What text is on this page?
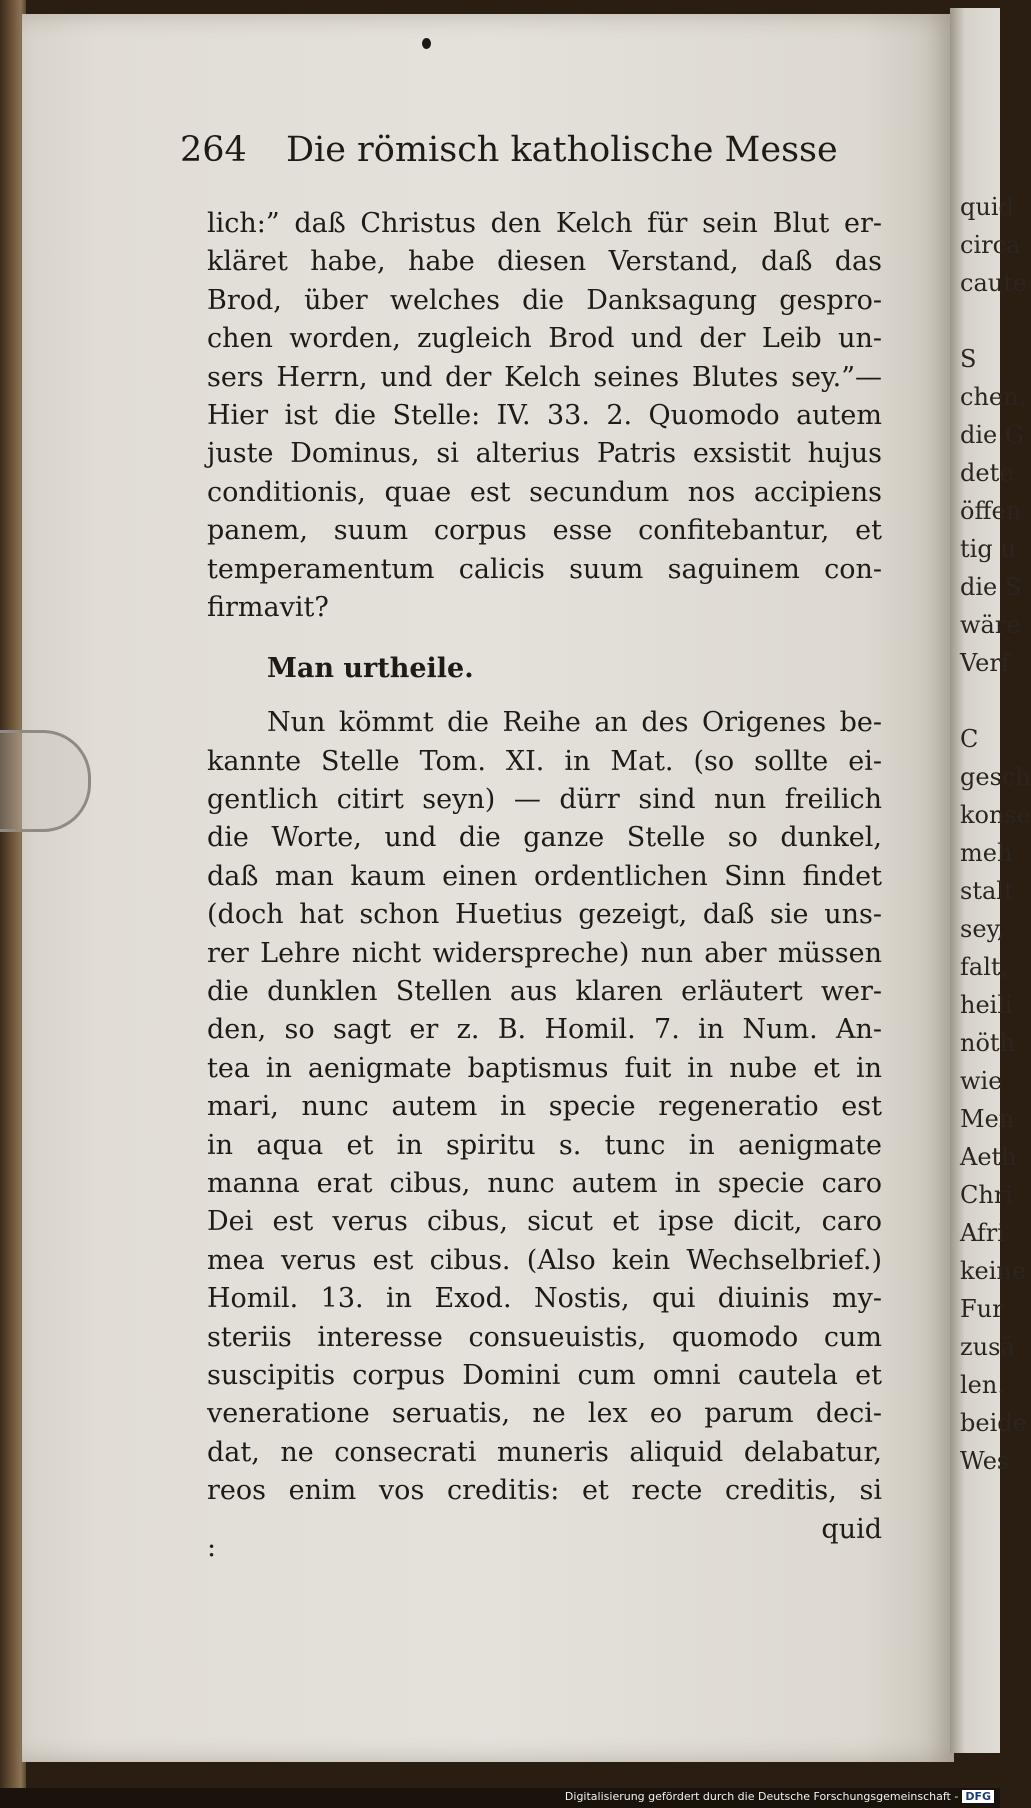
quid
circa
caute
S
chen.
die G
dete
öffen
tig u
die S
wäre
Verf
C
gesch
konse
meh
stalt
sey,
falt,
heili
nöth
wie
Men
Aeth
Chri
Afri
keine
Fur
zusä
len.
beide
Wes
264 Die römisch katholische Messe
lich:” daß Christus den Kelch für sein Blut er-
kläret habe, habe diesen Verstand, daß das
Brod, über welches die Danksagung gespro-
chen worden, zugleich Brod und der Leib un-
sers Herrn, und der Kelch seines Blutes sey.”—
Hier ist die Stelle: IV. 33. 2. Quomodo autem
juste Dominus, si alterius Patris exsistit hujus
conditionis, quae est secundum nos accipiens
panem, suum corpus esse confitebantur, et
temperamentum calicis suum saguinem con-
firmavit?
Man urtheile.
Nun kömmt die Reihe an des Origenes be-
kannte Stelle Tom. XI. in Mat. (so sollte ei-
gentlich citirt seyn) — dürr sind nun freilich
die Worte, und die ganze Stelle so dunkel,
daß man kaum einen ordentlichen Sinn findet
(doch hat schon Huetius gezeigt, daß sie uns-
rer Lehre nicht widerspreche) nun aber müssen
die dunklen Stellen aus klaren erläutert wer-
den, so sagt er z. B. Homil. 7. in Num. An-
tea in aenigmate baptismus fuit in nube et in
mari, nunc autem in specie regeneratio est
in aqua et in spiritu s. tunc in aenigmate
manna erat cibus, nunc autem in specie caro
Dei est verus cibus, sicut et ipse dicit, caro
mea verus est cibus. (Also kein Wechselbrief.)
Homil. 13. in Exod. Nostis, qui diuinis my-
steriis interesse consueuistis, quomodo cum
suscipitis corpus Domini cum omni cautela et
veneratione seruatis, ne lex eo parum deci-
dat, ne consecrati muneris aliquid delabatur,
reos enim vos creditis: et recte creditis, si
quid
:
Digitalisierung gefördert durch die Deutsche Forschungsgemeinschaft - DFG
